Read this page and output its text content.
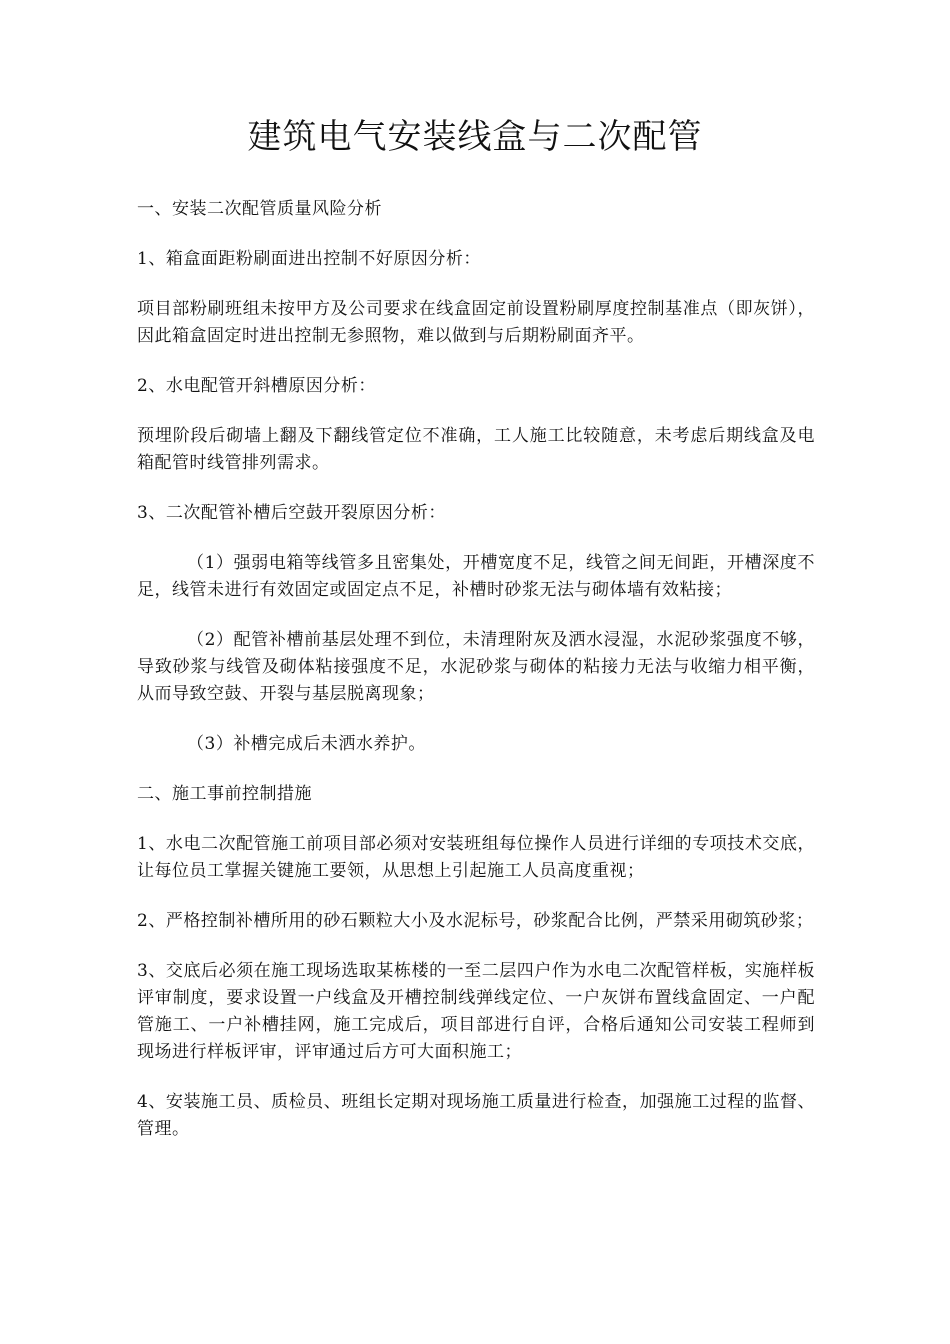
建筑电气安装线盒与二次配管

一、安装二次配管质量风险分析

1、箱盒面距粉刷面进出控制不好原因分析：

项目部粉刷班组未按甲方及公司要求在线盒固定前设置粉刷厚度控制基准点（即灰饼），因此箱盒固定时进出控制无参照物，难以做到与后期粉刷面齐平。

2、水电配管开斜槽原因分析：

预埋阶段后砌墙上翻及下翻线管定位不准确，工人施工比较随意，未考虑后期线盒及电箱配管时线管排列需求。

3、二次配管补槽后空鼓开裂原因分析：

（1）强弱电箱等线管多且密集处，开槽宽度不足，线管之间无间距，开槽深度不足，线管未进行有效固定或固定点不足，补槽时砂浆无法与砌体墙有效粘接；

（2）配管补槽前基层处理不到位，未清理附灰及洒水浸湿，水泥砂浆强度不够，导致砂浆与线管及砌体粘接强度不足，水泥砂浆与砌体的粘接力无法与收缩力相平衡，从而导致空鼓、开裂与基层脱离现象；

（3）补槽完成后未洒水养护。

二、施工事前控制措施

1、水电二次配管施工前项目部必须对安装班组每位操作人员进行详细的专项技术交底，让每位员工掌握关键施工要领，从思想上引起施工人员高度重视；

2、严格控制补槽所用的砂石颗粒大小及水泥标号，砂浆配合比例，严禁采用砌筑砂浆；

3、交底后必须在施工现场选取某栋楼的一至二层四户作为水电二次配管样板，实施样板评审制度，要求设置一户线盒及开槽控制线弹线定位、一户灰饼布置线盒固定、一户配管施工、一户补槽挂网，施工完成后，项目部进行自评，合格后通知公司安装工程师到现场进行样板评审，评审通过后方可大面积施工；

4、安装施工员、质检员、班组长定期对现场施工质量进行检查，加强施工过程的监督、管理。
